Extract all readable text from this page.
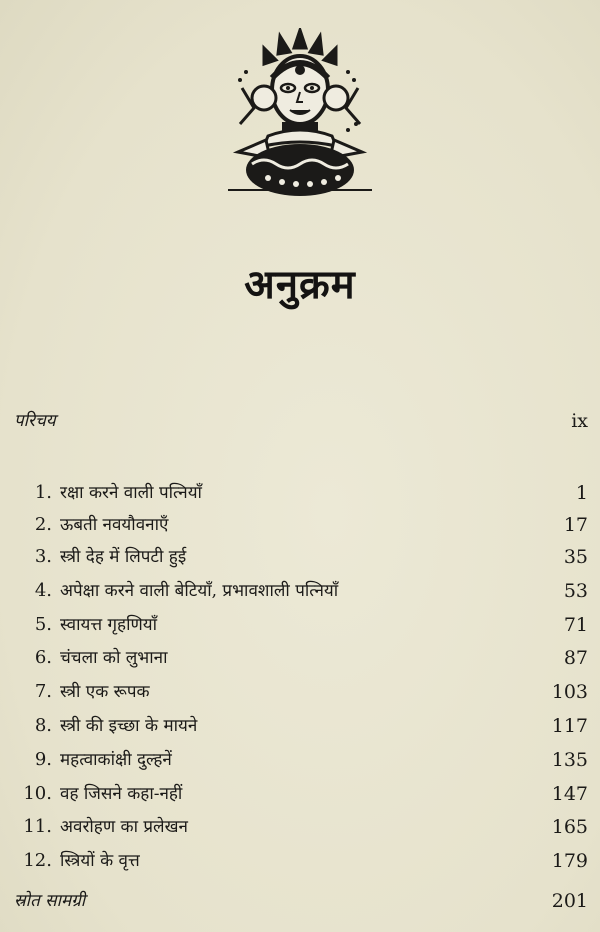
अनुक्रम
परिचय	ix
1. रक्षा करने वाली पत्नियाँ	1
2. ऊबती नवयौवनाएँ	17
3. स्त्री देह में लिपटी हुई	35
4. अपेक्षा करने वाली बेटियाँ, प्रभावशाली पत्नियाँ	53
5. स्वायत्त गृहणियाँ	71
6. चंचला को लुभाना	87
7. स्त्री एक रूपक	103
8. स्त्री की इच्छा के मायने	117
9. महत्वाकांक्षी दुल्हनें	135
10. वह जिसने कहा-नहीं	147
11. अवरोहण का प्रलेखन	165
12. स्त्रियों के वृत्त	179
स्रोत सामग्री	201
